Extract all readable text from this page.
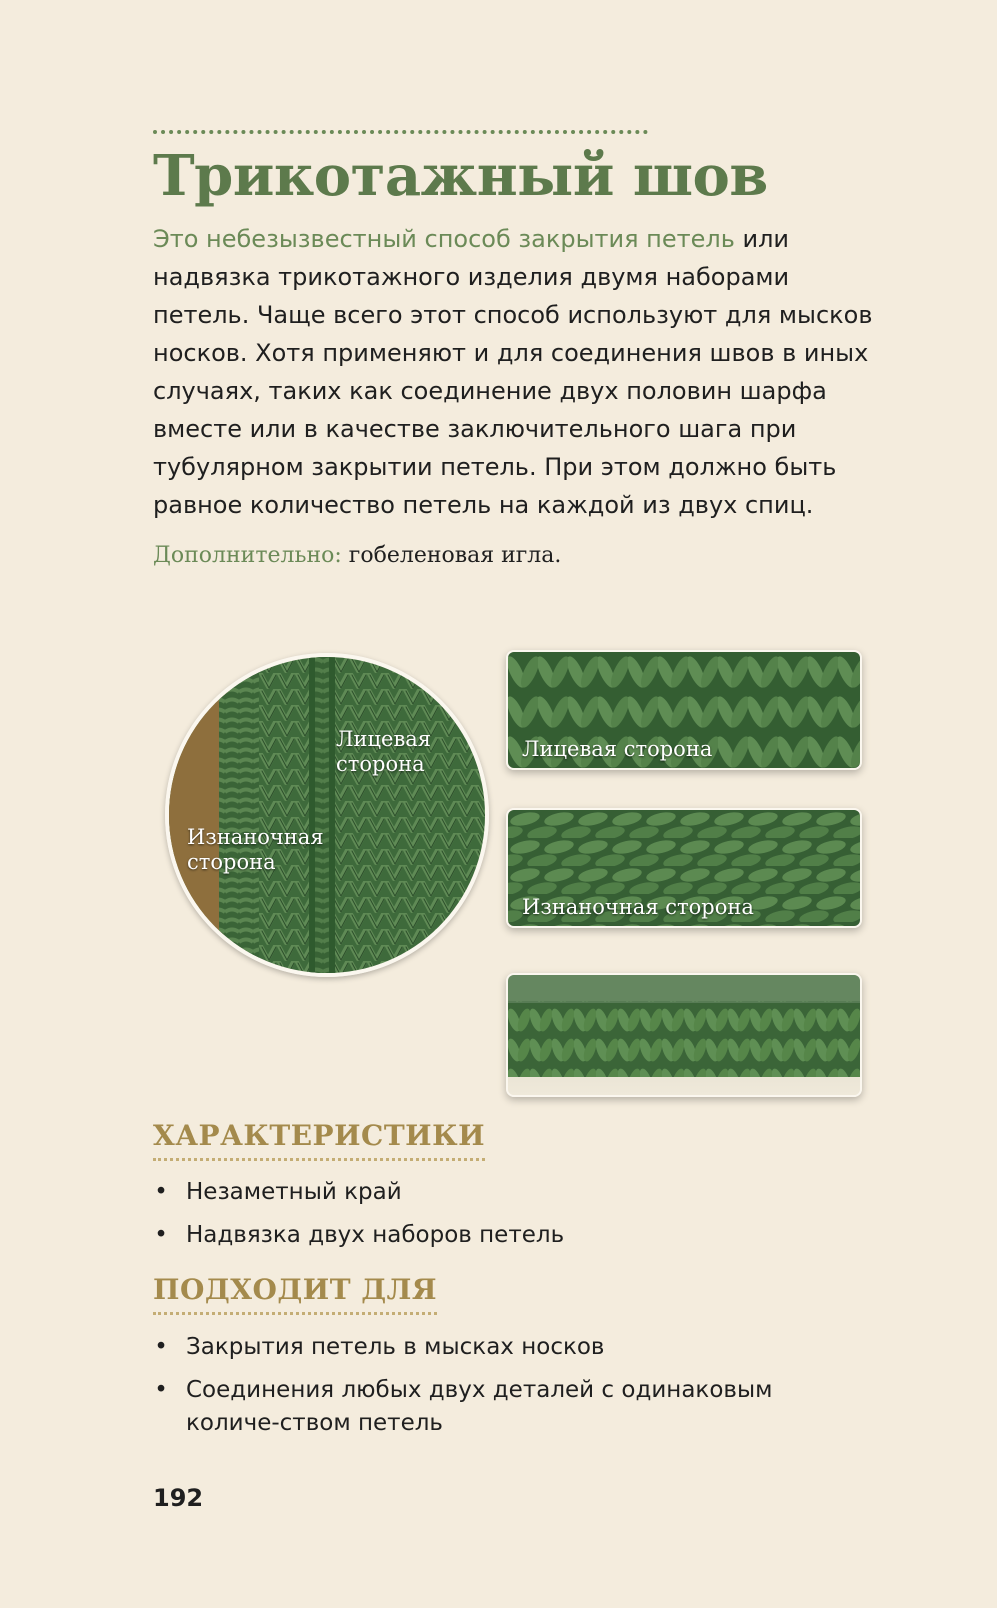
Трикотажный шов

Это небезызвестный способ закрытия петель или надвязка трикотажного изделия двумя наборами петель. Чаще всего этот способ используют для мысков носков. Хотя применяют и для соединения швов в иных случаях, таких как соединение двух половин шарфа вместе или в качестве заключительного шага при тубулярном закрытии петель. При этом должно быть равное количество петель на каждой из двух спиц.

Дополнительно: гобеленовая игла.

Лицевая
сторона
Изнаночная
сторона
Лицевая сторона
Изнаночная сторона
ХАРАКТЕРИСТИКИ
• Незаметный край
• Надвязка двух наборов петель
ПОДХОДИТ ДЛЯ
• Закрытия петель в мысках носков
• Соединения любых двух деталей с одинаковым количе-ством петель

192
